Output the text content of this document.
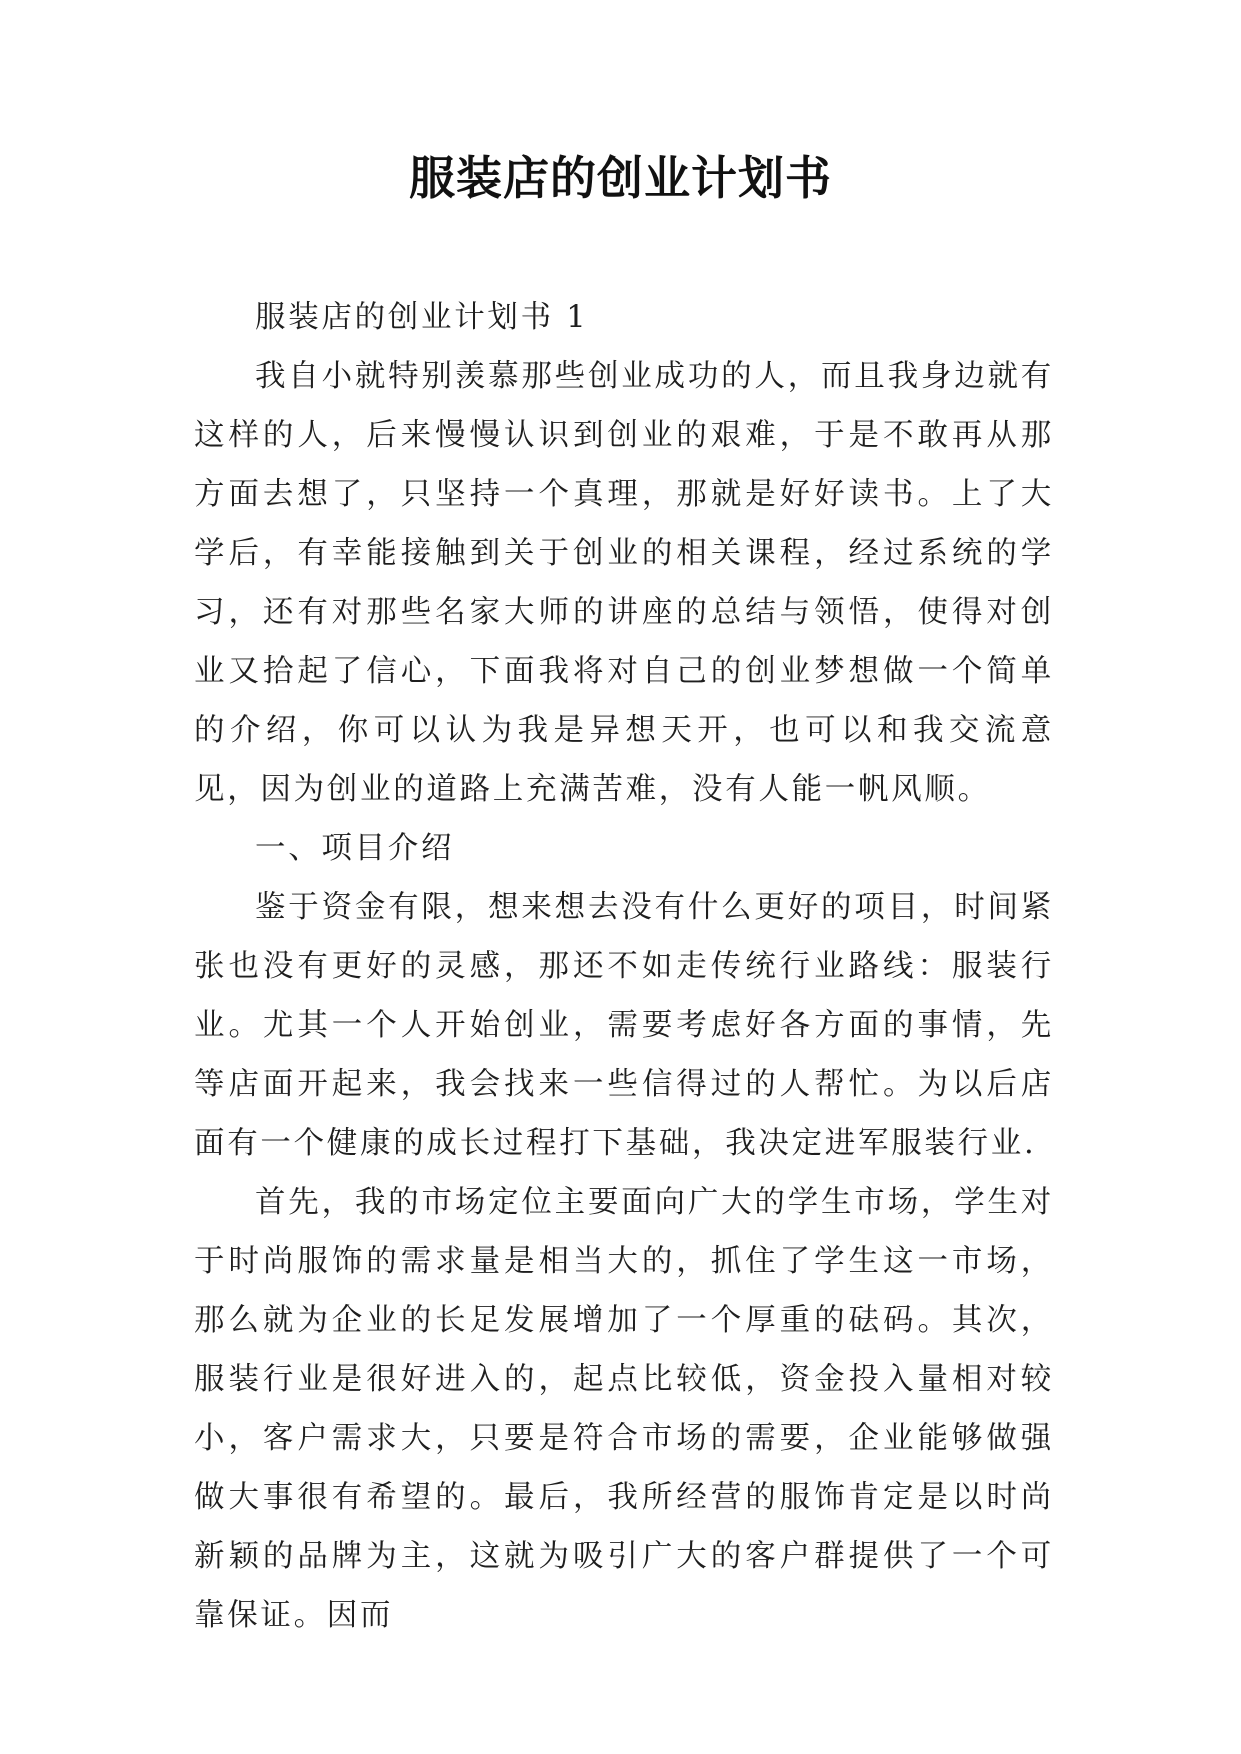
服装店的创业计划书

服装店的创业计划书 1

我自小就特别羡慕那些创业成功的人，而且我身边就有这样的人，后来慢慢认识到创业的艰难，于是不敢再从那方面去想了，只坚持一个真理，那就是好好读书。上了大学后，有幸能接触到关于创业的相关课程，经过系统的学习，还有对那些名家大师的讲座的总结与领悟，使得对创业又拾起了信心，下面我将对自己的创业梦想做一个简单的介绍，你可以认为我是异想天开，也可以和我交流意见，因为创业的道路上充满苦难，没有人能一帆风顺。

一、项目介绍

鉴于资金有限，想来想去没有什么更好的项目，时间紧张也没有更好的灵感，那还不如走传统行业路线：服装行业。尤其一个人开始创业，需要考虑好各方面的事情，先等店面开起来，我会找来一些信得过的人帮忙。为以后店面有一个健康的成长过程打下基础，我决定进军服装行业.

首先，我的市场定位主要面向广大的学生市场，学生对于时尚服饰的需求量是相当大的，抓住了学生这一市场，那么就为企业的长足发展增加了一个厚重的砝码。其次，服装行业是很好进入的，起点比较低，资金投入量相对较小，客户需求大，只要是符合市场的需要，企业能够做强做大事很有希望的。最后，我所经营的服饰肯定是以时尚新颖的品牌为主，这就为吸引广大的客户群提供了一个可靠保证。因而
